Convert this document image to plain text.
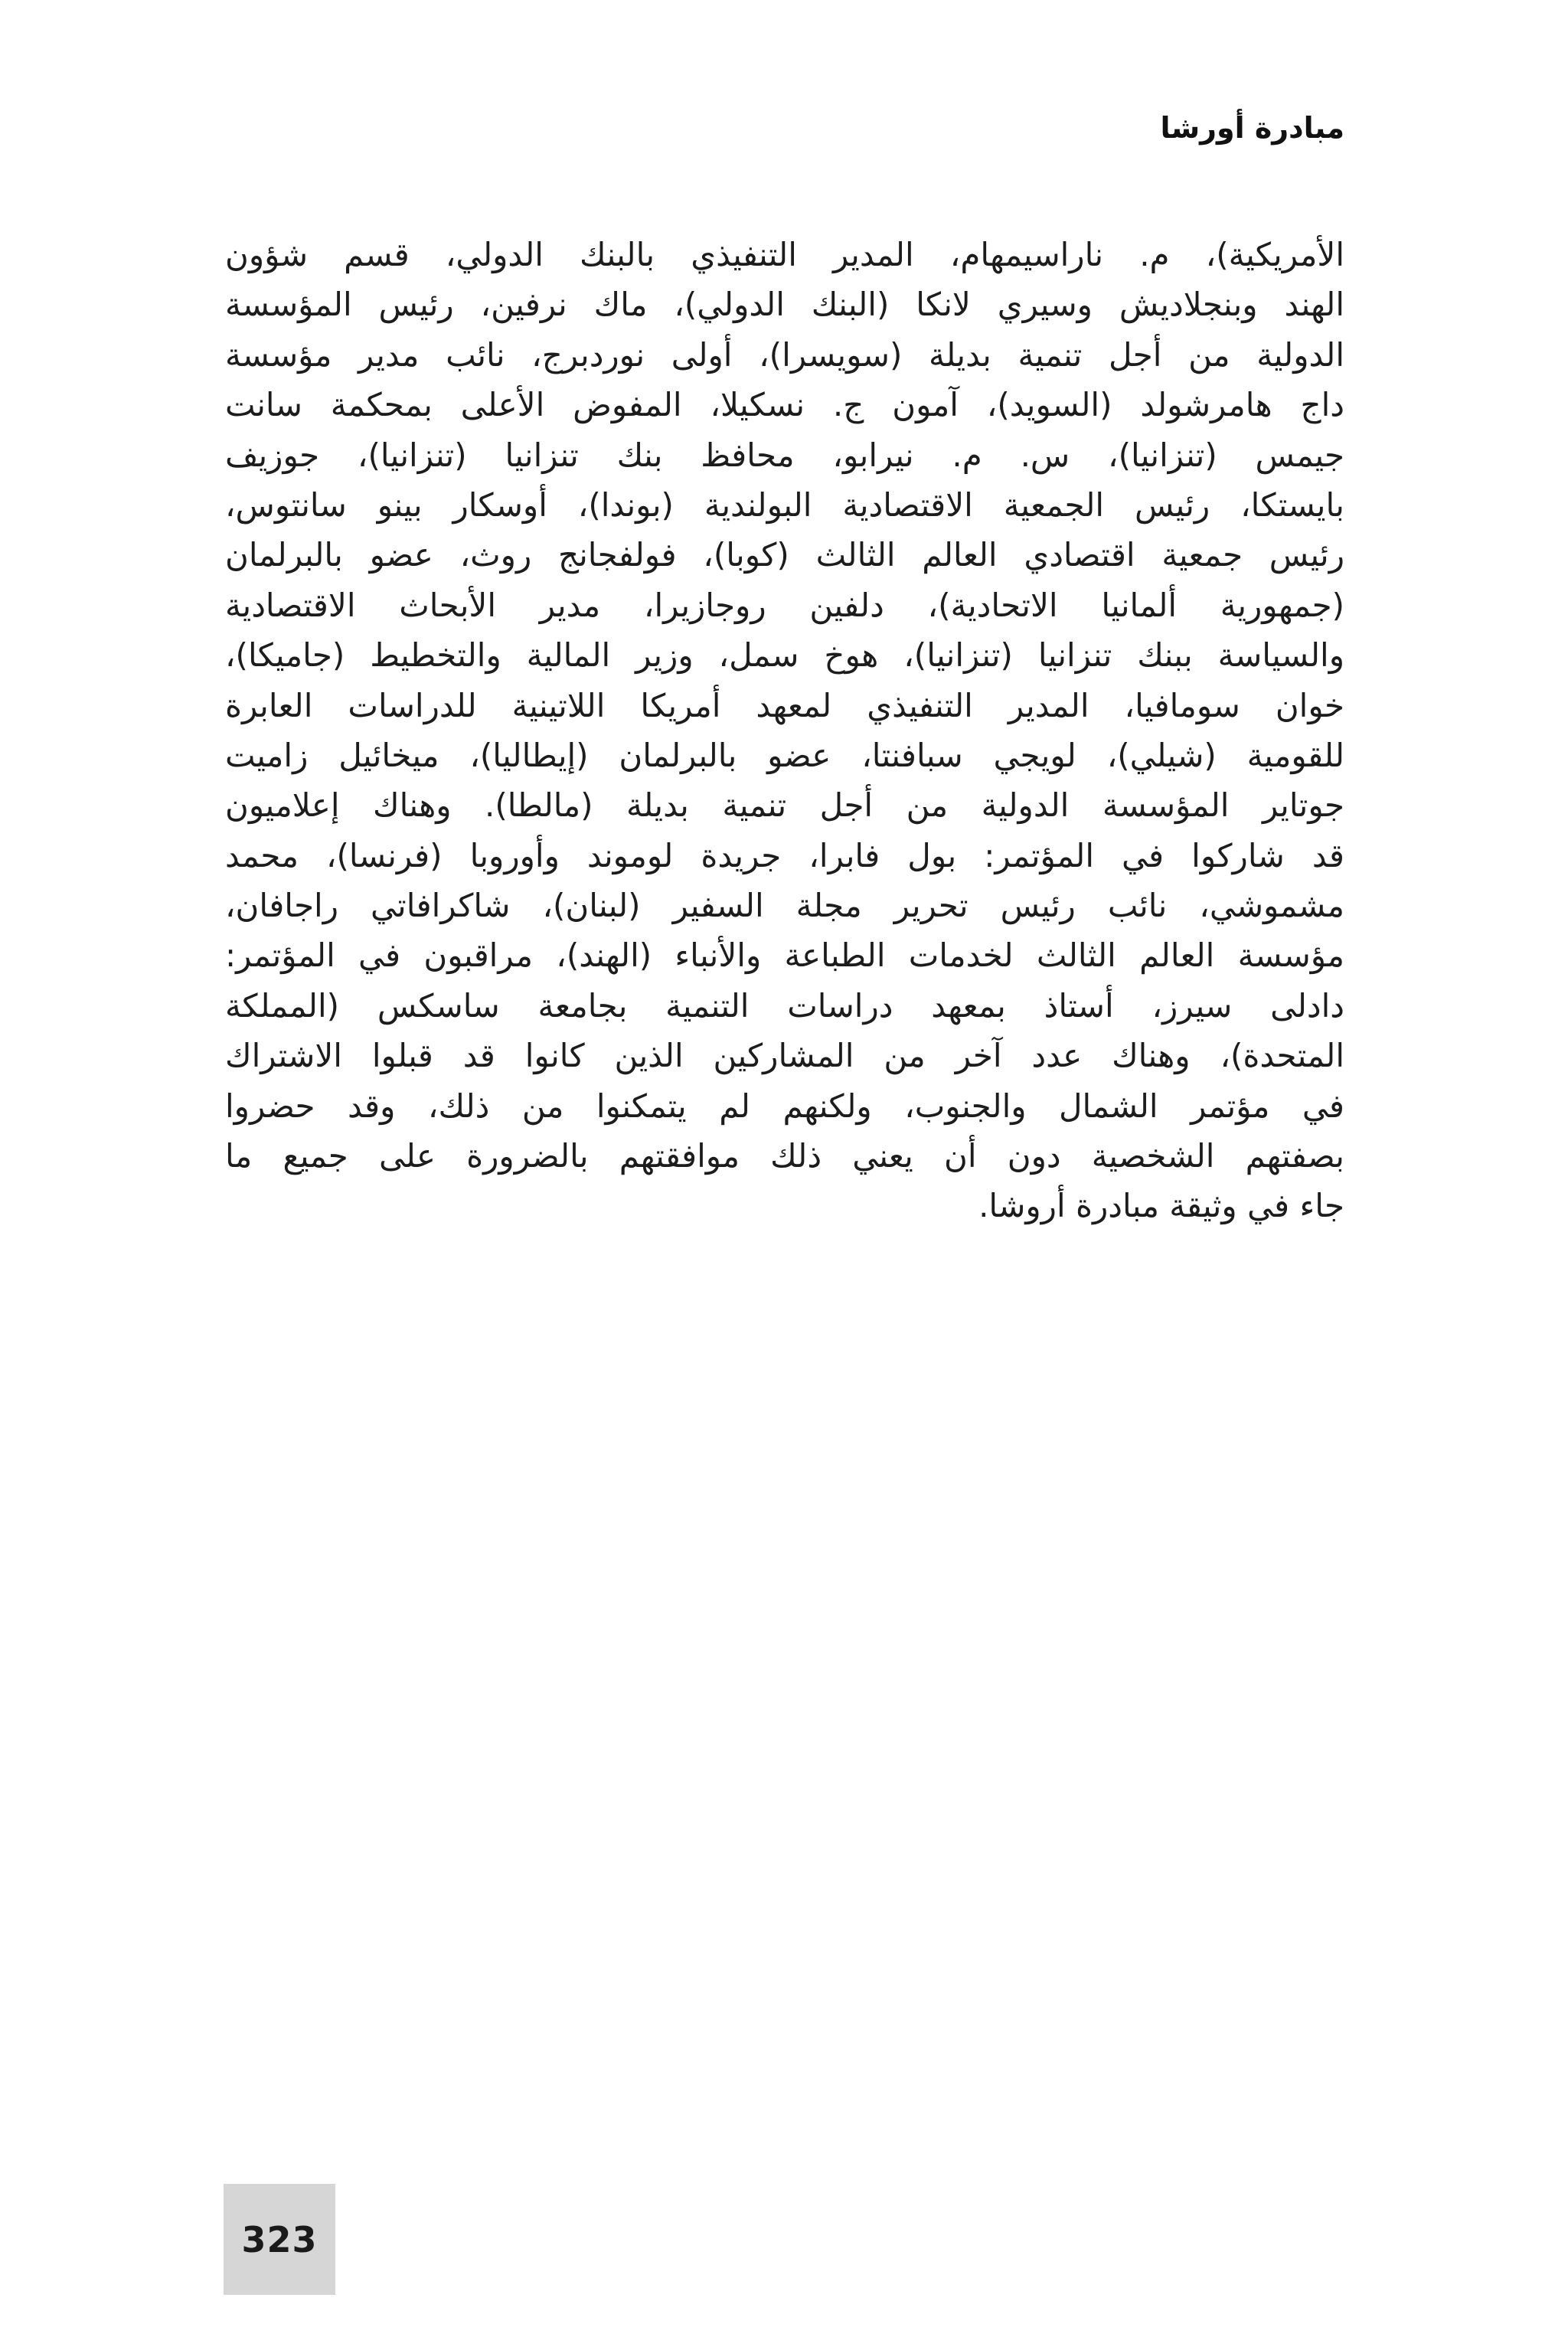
مبادرة أورشا
الأمريكية)، م. ناراسيمهام، المدير التنفيذي بالبنك الدولي، قسم شؤون
الهند وبنجلاديش وسيري لانكا (البنك الدولي)، ماك نرفين، رئيس المؤسسة
الدولية من أجل تنمية بديلة (سويسرا)، أولى نوردبرج، نائب مدير مؤسسة
داج هامرشولد (السويد)، آمون ج. نسكيلا، المفوض الأعلى بمحكمة سانت
جيمس (تنزانيا)، س. م. نيرابو، محافظ بنك تنزانيا (تنزانيا)، جوزيف
بايستكا، رئيس الجمعية الاقتصادية البولندية (بوندا)، أوسكار بينو سانتوس،
رئيس جمعية اقتصادي العالم الثالث (كوبا)، فولفجانج روث، عضو بالبرلمان
(جمهورية ألمانيا الاتحادية)، دلفين روجازيرا، مدير الأبحاث الاقتصادية
والسياسة ببنك تنزانيا (تنزانيا)، هوخ سمل، وزير المالية والتخطيط (جاميكا)،
خوان سومافيا، المدير التنفيذي لمعهد أمريكا اللاتينية للدراسات العابرة
للقومية (شيلي)، لويجي سبافنتا، عضو بالبرلمان (إيطاليا)، ميخائيل زاميت
جوتاير المؤسسة الدولية من أجل تنمية بديلة (مالطا). وهناك إعلاميون
قد شاركوا في المؤتمر: بول فابرا، جريدة لوموند وأوروبا (فرنسا)، محمد
مشموشي، نائب رئيس تحرير مجلة السفير (لبنان)، شاكرافاتي راجافان،
مؤسسة العالم الثالث لخدمات الطباعة والأنباء (الهند)، مراقبون في المؤتمر:
دادلى سيرز، أستاذ بمعهد دراسات التنمية بجامعة ساسكس (المملكة
المتحدة)، وهناك عدد آخر من المشاركين الذين كانوا قد قبلوا الاشتراك
في مؤتمر الشمال والجنوب، ولكنهم لم يتمكنوا من ذلك، وقد حضروا
بصفتهم الشخصية دون أن يعني ذلك موافقتهم بالضرورة على جميع ما
جاء في وثيقة مبادرة أروشا.
323
